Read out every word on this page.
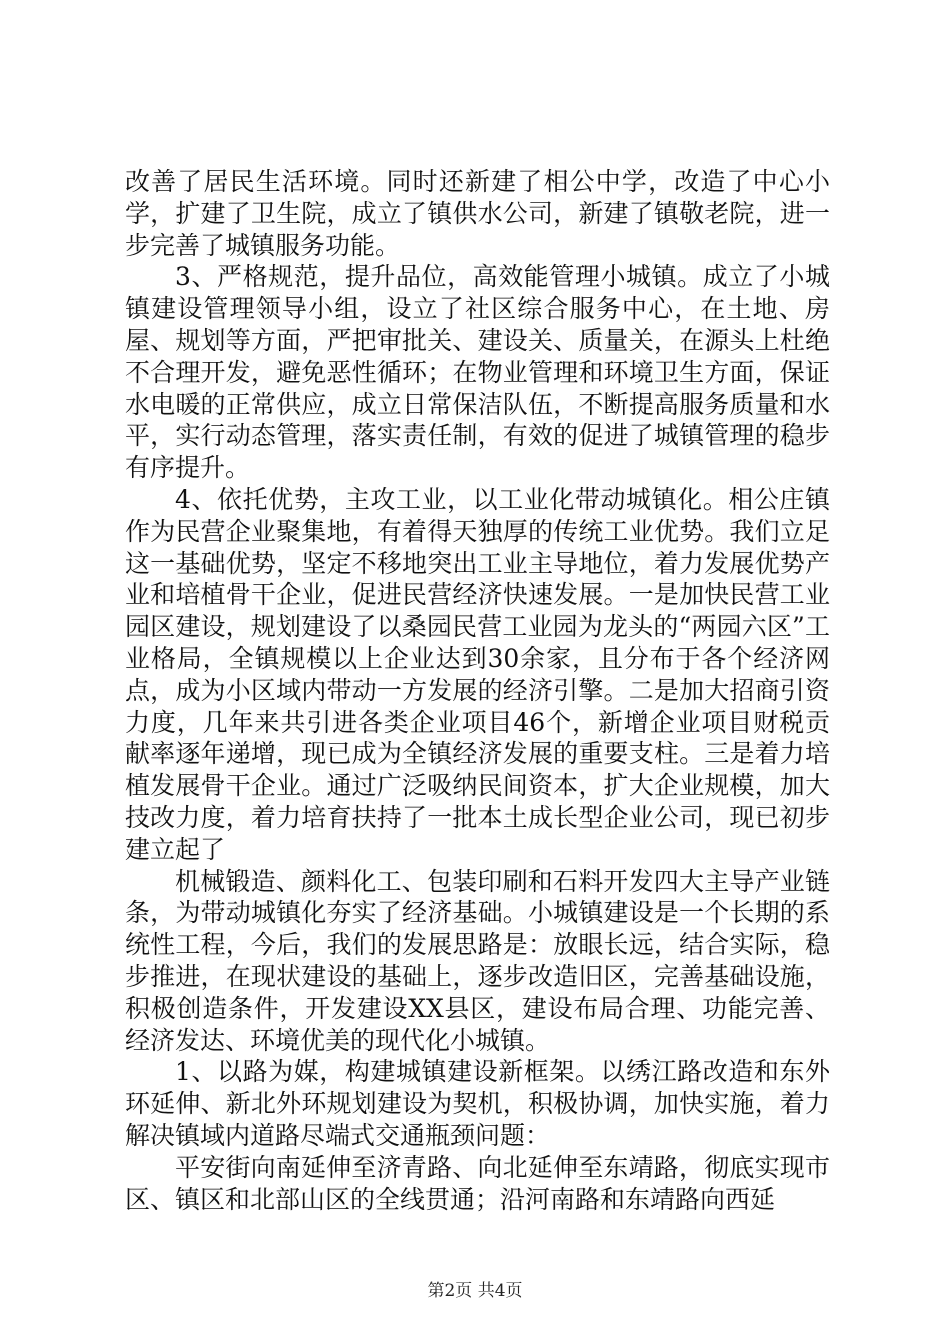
改善了居民生活环境。同时还新建了相公中学，改造了中心小学，扩建了卫生院，成立了镇供水公司，新建了镇敬老院，进一步完善了城镇服务功能。

3、严格规范，提升品位，高效能管理小城镇。成立了小城镇建设管理领导小组，设立了社区综合服务中心，在土地、房屋、规划等方面，严把审批关、建设关、质量关，在源头上杜绝不合理开发，避免恶性循环；在物业管理和环境卫生方面，保证水电暖的正常供应，成立日常保洁队伍，不断提高服务质量和水平，实行动态管理，落实责任制，有效的促进了城镇管理的稳步有序提升。

4、依托优势，主攻工业，以工业化带动城镇化。相公庄镇作为民营企业聚集地，有着得天独厚的传统工业优势。我们立足这一基础优势，坚定不移地突出工业主导地位，着力发展优势产业和培植骨干企业，促进民营经济快速发展。一是加快民营工业园区建设，规划建设了以桑园民营工业园为龙头的“两园六区”工业格局，全镇规模以上企业达到30余家，且分布于各个经济网点，成为小区域内带动一方发展的经济引擎。二是加大招商引资力度，几年来共引进各类企业项目46个，新增企业项目财税贡献率逐年递增，现已成为全镇经济发展的重要支柱。三是着力培植发展骨干企业。通过广泛吸纳民间资本，扩大企业规模，加大技改力度，着力培育扶持了一批本土成长型企业公司，现已初步建立起了

机械锻造、颜料化工、包装印刷和石料开发四大主导产业链条，为带动城镇化夯实了经济基础。小城镇建设是一个长期的系统性工程，今后，我们的发展思路是：放眼长远，结合实际，稳步推进，在现状建设的基础上，逐步改造旧区，完善基础设施，积极创造条件，开发建设XX县区，建设布局合理、功能完善、经济发达、环境优美的现代化小城镇。

1、以路为媒，构建城镇建设新框架。以绣江路改造和东外环延伸、新北外环规划建设为契机，积极协调，加快实施，着力解决镇域内道路尽端式交通瓶颈问题：

平安街向南延伸至济青路、向北延伸至东靖路，彻底实现市区、镇区和北部山区的全线贯通；沿河南路和东靖路向西延

第2页 共4页
